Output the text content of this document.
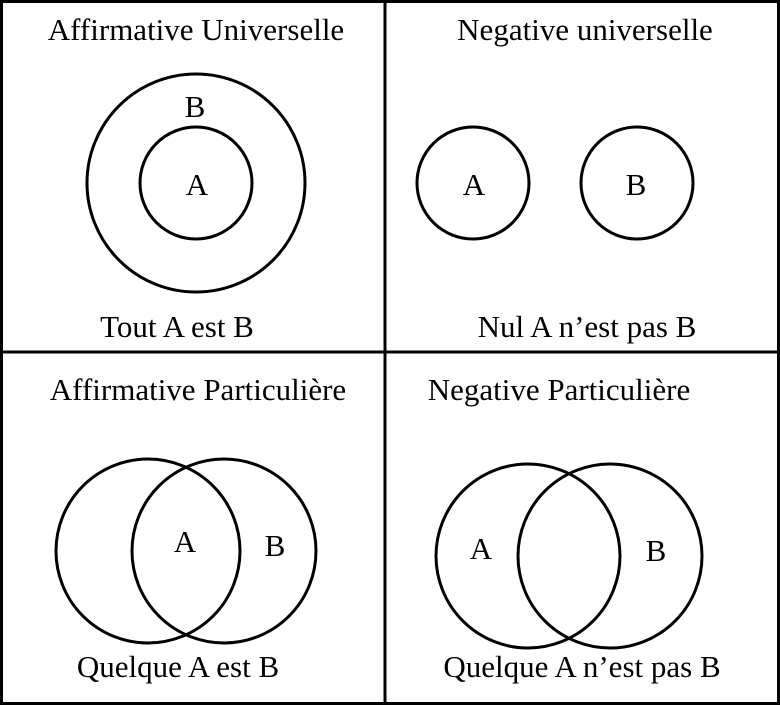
Affirmative Universelle
B
A
Tout A est B
Negative universelle
A	B
Nul A n’est pas B
Affirmative Particulière
A B
Quelque A est B
Negative Particulière
A	B
Quelque A n’est pas B
